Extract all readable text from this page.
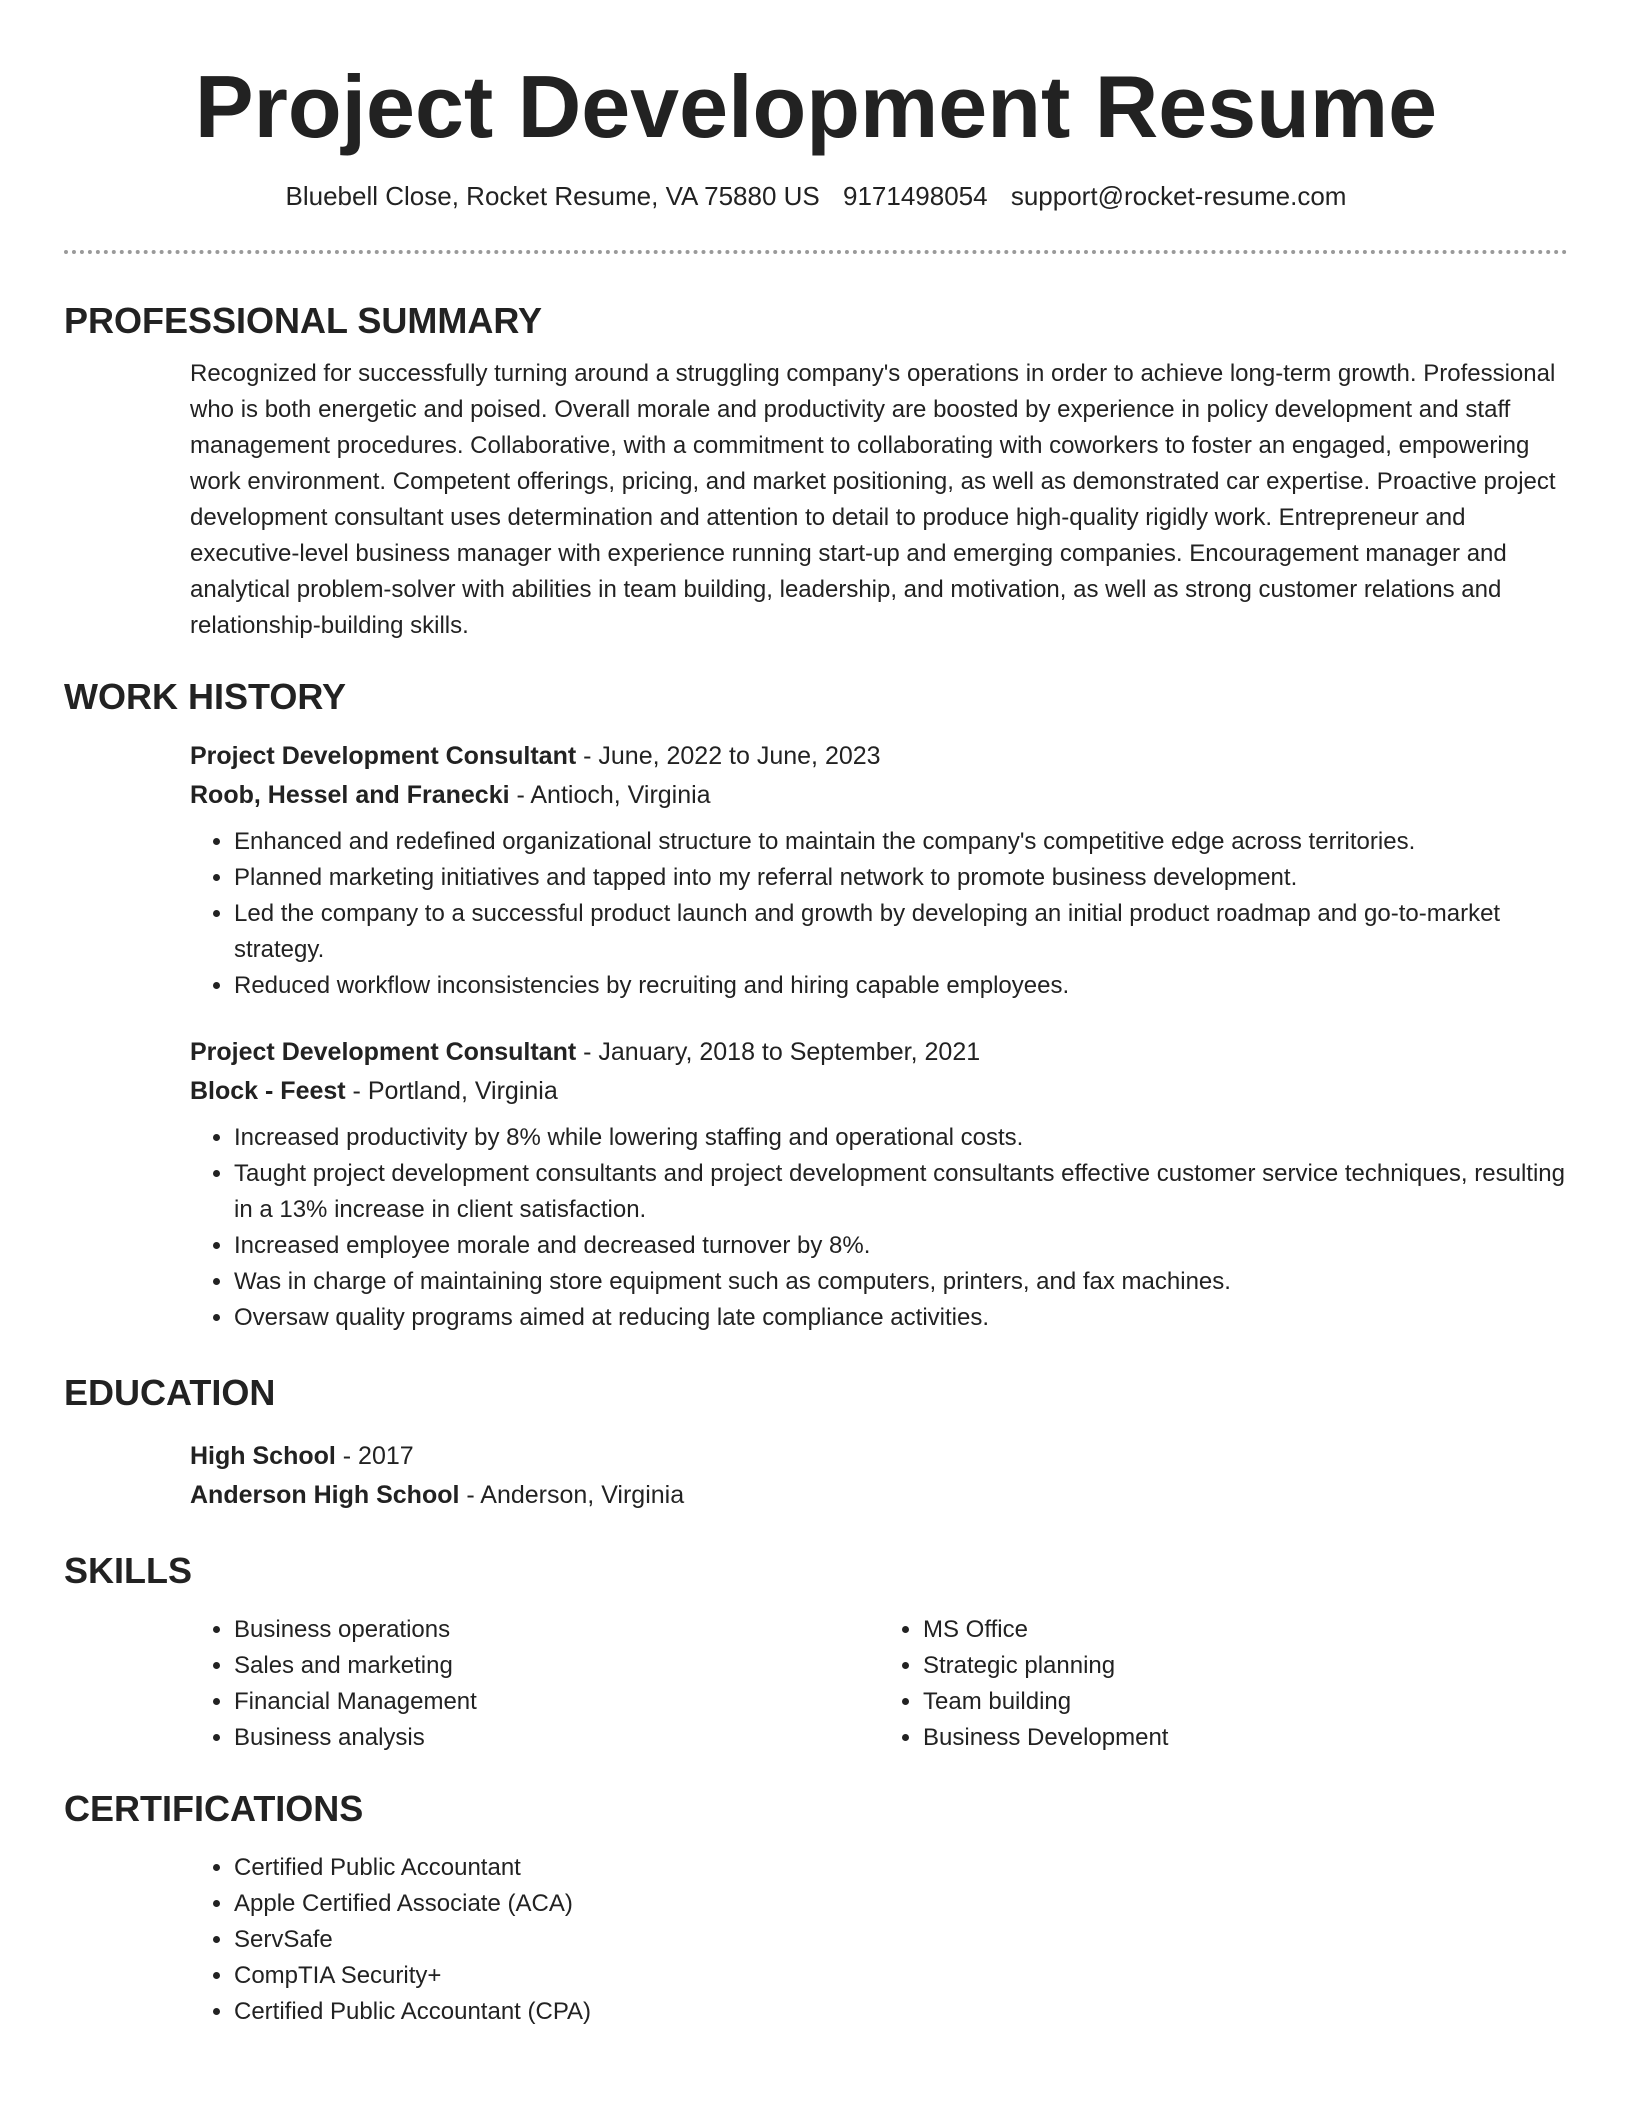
Project Development Resume
Bluebell Close, Rocket Resume, VA 75880 US 9171498054 support@rocket-resume.com
PROFESSIONAL SUMMARY
Recognized for successfully turning around a struggling company's operations in order to achieve long-term growth. Professional who is both energetic and poised. Overall morale and productivity are boosted by experience in policy development and staff management procedures. Collaborative, with a commitment to collaborating with coworkers to foster an engaged, empowering work environment. Competent offerings, pricing, and market positioning, as well as demonstrated car expertise. Proactive project development consultant uses determination and attention to detail to produce high-quality rigidly work. Entrepreneur and executive-level business manager with experience running start-up and emerging companies. Encouragement manager and analytical problem-solver with abilities in team building, leadership, and motivation, as well as strong customer relations and relationship-building skills.
WORK HISTORY
Project Development Consultant - June, 2022 to June, 2023
Roob, Hessel and Franecki - Antioch, Virginia
• Enhanced and redefined organizational structure to maintain the company's competitive edge across territories.
• Planned marketing initiatives and tapped into my referral network to promote business development.
• Led the company to a successful product launch and growth by developing an initial product roadmap and go-to-market strategy.
• Reduced workflow inconsistencies by recruiting and hiring capable employees.
Project Development Consultant - January, 2018 to September, 2021
Block - Feest - Portland, Virginia
• Increased productivity by 8% while lowering staffing and operational costs.
• Taught project development consultants and project development consultants effective customer service techniques, resulting in a 13% increase in client satisfaction.
• Increased employee morale and decreased turnover by 8%.
• Was in charge of maintaining store equipment such as computers, printers, and fax machines.
• Oversaw quality programs aimed at reducing late compliance activities.
EDUCATION
High School - 2017
Anderson High School - Anderson, Virginia
SKILLS
• Business operations
• Sales and marketing
• Financial Management
• Business analysis
• MS Office
• Strategic planning
• Team building
• Business Development
CERTIFICATIONS
• Certified Public Accountant
• Apple Certified Associate (ACA)
• ServSafe
• CompTIA Security+
• Certified Public Accountant (CPA)
